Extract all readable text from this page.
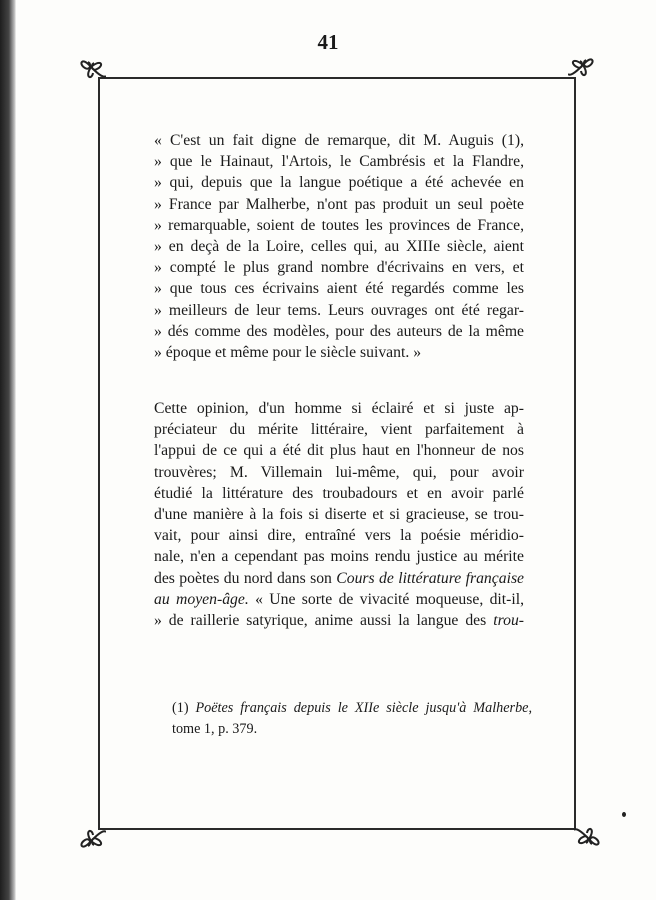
41
« C'est un fait digne de remarque, dit M. Auguis (1),
» que le Hainaut, l'Artois, le Cambrésis et la Flandre,
» qui, depuis que la langue poétique a été achevée en
» France par Malherbe, n'ont pas produit un seul poète
» remarquable, soient de toutes les provinces de France,
» en deçà de la Loire, celles qui, au XIIIe siècle, aient
» compté le plus grand nombre d'écrivains en vers, et
» que tous ces écrivains aient été regardés comme les
» meilleurs de leur tems. Leurs ouvrages ont été regar-
» dés comme des modèles, pour des auteurs de la même
» époque et même pour le siècle suivant. »
Cette opinion, d'un homme si éclairé et si juste ap-
préciateur du mérite littéraire, vient parfaitement à
l'appui de ce qui a été dit plus haut en l'honneur de nos
trouvères; M. Villemain lui-même, qui, pour avoir
étudié la littérature des troubadours et en avoir parlé
d'une manière à la fois si diserte et si gracieuse, se trou-
vait, pour ainsi dire, entraîné vers la poésie méridio-
nale, n'en a cependant pas moins rendu justice au mérite
des poètes du nord dans son Cours de littérature française
au moyen-âge. « Une sorte de vivacité moqueuse, dit-il,
» de raillerie satyrique, anime aussi la langue des trou-
(1) Poëtes français depuis le XIIe siècle jusqu'à Malherbe,
tome 1, p. 379.
